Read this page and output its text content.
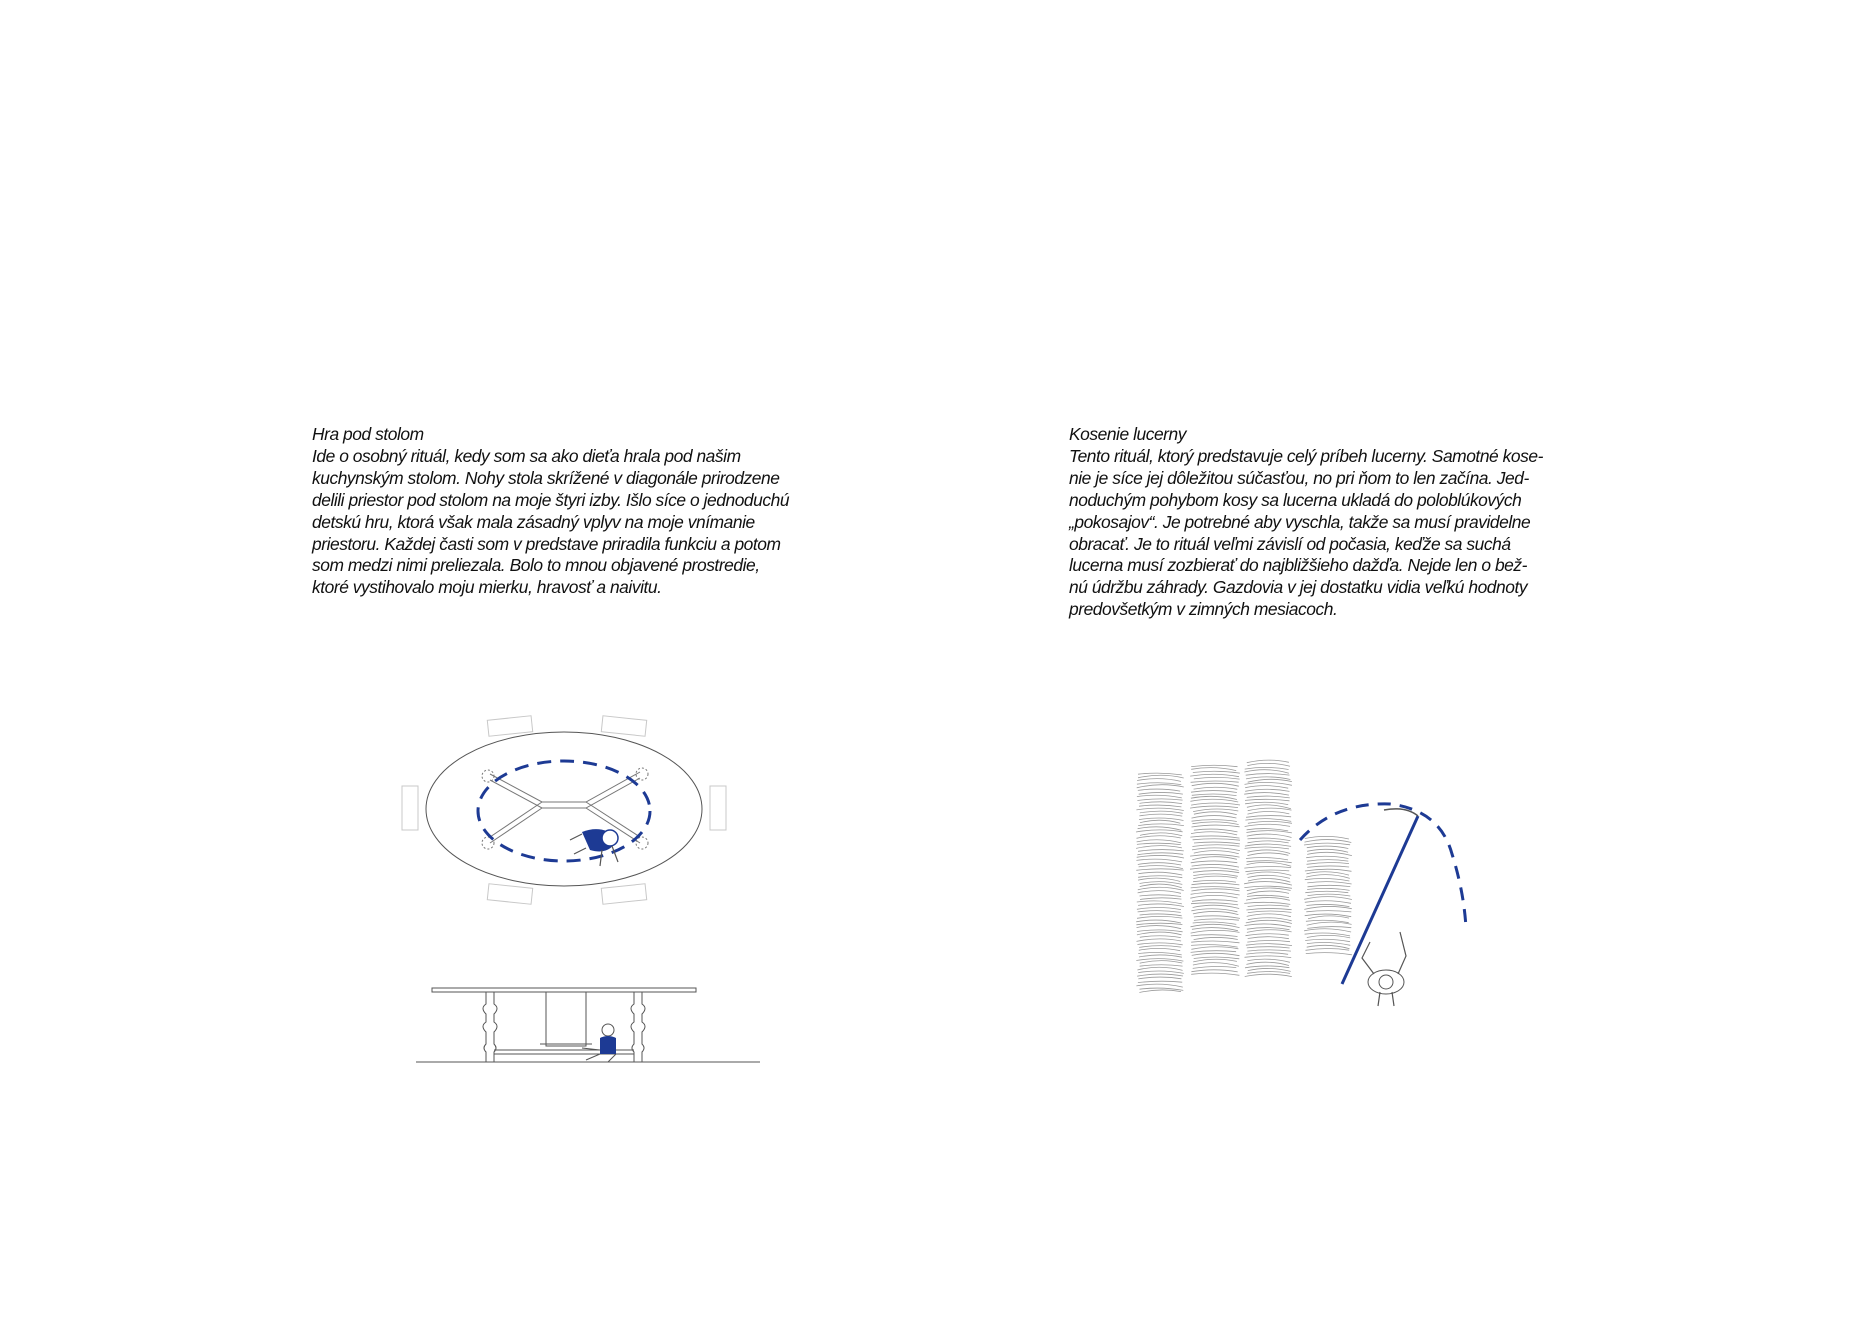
Hra pod stolom
Ide o osobný rituál, kedy som sa ako dieťa hrala pod našim
kuchynským stolom. Nohy stola skrížené v diagonále prirodzene
delili priestor pod stolom na moje štyri izby. Išlo síce o jednoduchú
detskú hru, ktorá však mala zásadný vplyv na moje vnímanie
priestoru. Každej časti som v predstave priradila funkciu a potom
som medzi nimi preliezala. Bolo to mnou objavené prostredie,
ktoré vystihovalo moju mierku, hravosť a naivitu.
Kosenie lucerny
Tento rituál, ktorý predstavuje celý príbeh lucerny. Samotné kose-
nie je síce jej dôležitou súčasťou, no pri ňom to len začína. Jed-
noduchým pohybom kosy sa lucerna ukladá do poloblúkových
„pokosajov“. Je potrebné aby vyschla, takže sa musí pravidelne
obracať. Je to rituál veľmi závislí od počasia, keďže sa suchá
lucerna musí zozbierať do najbližšieho dažďa. Nejde len o bež-
nú údržbu záhrady. Gazdovia v jej dostatku vidia veľkú hodnoty
predovšetkým v zimných mesiacoch.
